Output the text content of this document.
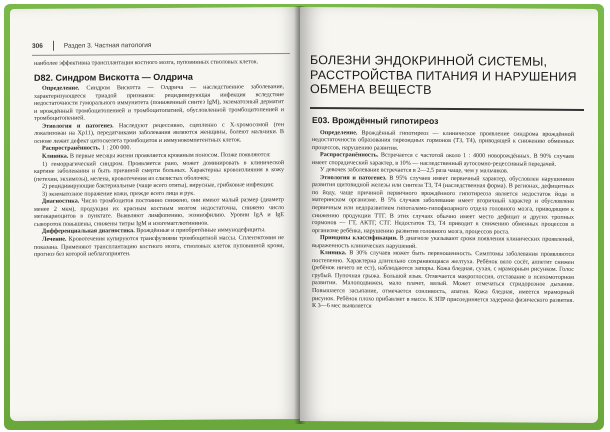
306	Раздел 3. Частная патология

наиболее эффективна трансплантация костного мозга, пуповинных стволовых клеток.

D82. Синдром Вискотта — Олдрича

Определение. Синдром Вискотта — Олдрича — наследственное заболевание, характеризующееся триадой признаков: рецидивирующая инфекция вследствие недостаточности гуморального иммунитета (пониженный синтез IgM), экзематозный дерматит и врождённый тромбоцитопенией и тромбоцитопатией, обусловленной тромбоцитопенией и тромбоцитопенией.

Этиология и патогенез. Наследуют рецессивно, сцепленно с Х-хромосомой (ген локализован на Хр11), передатчиками заболевания являются женщины, болеют мальчики. В основе лежит дефект цитоскелета тромбоцитов и иммунокомпетентных клеток.

Распространённость. 1 : 200 000.

Клиника. В первые месяцы жизни проявляется кровяным поносом. Позже появляются:

1) геморрагический синдром. Проявляется рано, может доминировать в клинической картине заболевания и быть причиной смерти больных. Характерны кровоизлияния в кожу (петехии, экхимозы), мелена, кровотечения из слизистых оболочек;

2) рецидивирующие бактериальные (чаще всего отиты), вирусные, грибковые инфекции;

3) экзематозное поражение кожи, прежде всего лица и рук.

Диагностика. Число тромбоцитов постоянно снижено, они имеют малый размер (диаметр менее 2 мкм), продукция их красным костным мозгом недостаточна, снижено число мегакариоцитов в пунктате. Выявляют лимфопению, эозинофилию. Уровни IgA и IgE сывороток повышены, снижены титры IgM и изогемагглютининов.

Дифференциальная диагностика. Врождённые и приобретённые иммунодефициты.

Лечение. Кровотечения купируются трансфузиями тромбоцитной массы. Спленэктомия не показана. Применяют трансплантацию костного мозга, стволовых клеток пуповинной крови, прогноз без которой неблагоприятен.

БОЛЕЗНИ ЭНДОКРИННОЙ СИСТЕМЫ, РАССТРОЙСТВА ПИТАНИЯ И НАРУШЕНИЯ ОБМЕНА ВЕЩЕСТВ
Е03. Врождённый гипотиреоз

Определение. Врождённый гипотиреоз — клиническое проявление синдрома врождённой недостаточности образования тиреоидных гормонов (T3, T4), приводящей к снижению обменных процессов, нарушению развития.

Распространённость. Встречается с частотой около 1 : 4000 новорождённых. В 90% случаев имеет спорадический характер, в 10% — наследственный аутосомно-рецессивный передачей.

У девочек заболевание встречается в 2—2,5 раза чаще, чем у мальчиков.

Этиология и патогенез. В 95% случаев имеет первичный характер, обусловлен нарушением развития щитовидной железы или синтеза T3, T4 (наследственная форма). В регионах, дефицитных по йоду, чаще причиной первичного врождённого гипотиреоза является недостаток йода в материнском организме. В 5% случаев заболевание имеет вторичный характер и обусловлено первичным или недоразвитием гипоталамо-гипофизарного отдела головного мозга, приводящим к снижению продукции ТТГ. В этих случаях обычно имеет место дефицит и других тропных гормонов — ГТ, АКТГ, СТГ. Недостаток T3, T4 приводит к снижению обменных процессов в организме ребёнка, нарушению развития головного мозга, процессов роста.

Принципы классификации. В диагнозе указывают сроки появления клинических проявлений, выраженность клинических нарушений.

Клиника. В 30% случаев может быть переношенность. Симптомы заболевания проявляются постепенно. Характерна длительно сохраняющаяся желтуха. Ребёнок вяло сосёт, аппетит снижен (ребёнок ничего не ест), наблюдаются запоры. Кожа бледная, сухая, с мраморным рисунком. Голос грубый. Пупочная грыжа. Большой язык. Отмечается макроглоссия, отставание в психомоторном развитии. Малоподвижен, мало плачет, вялый. Может отмечаться стридорозное дыхание. Повышается засыпание, отмечается сонливость, апатия. Кожа бледная, имеется мраморный рисунок. Ребёнок плохо прибавляет в массе. К ЗПР присоединяется задержка физического развития. К 3—6 мес выявляется
